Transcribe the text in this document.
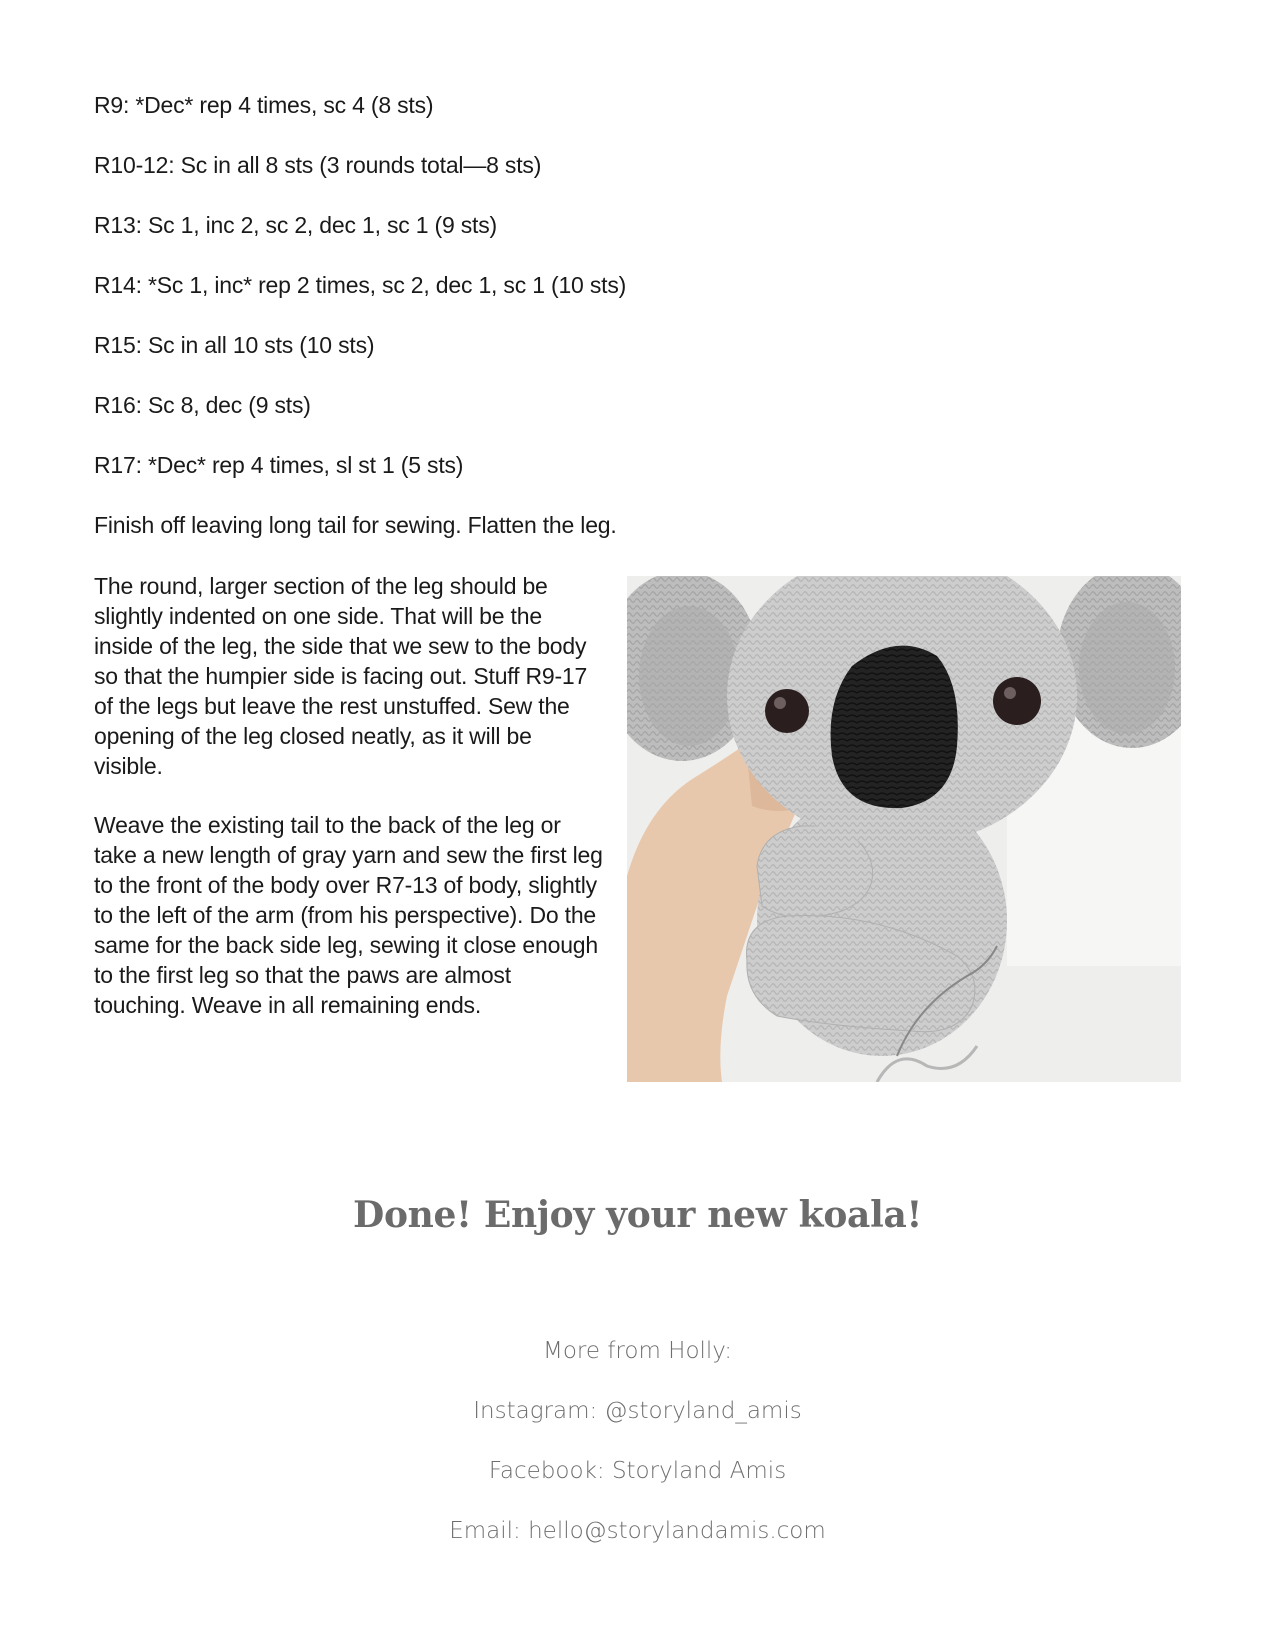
R9: *Dec* rep 4 times, sc 4 (8 sts)
R10-12: Sc in all 8 sts (3 rounds total—8 sts)
R13: Sc 1, inc 2, sc 2, dec 1, sc 1 (9 sts)
R14: *Sc 1, inc* rep 2 times, sc 2, dec 1, sc 1 (10 sts)
R15: Sc in all 10 sts (10 sts)
R16: Sc 8, dec (9 sts)
R17: *Dec* rep 4 times, sl st 1 (5 sts)
Finish off leaving long tail for sewing. Flatten the leg.

The round, larger section of the leg should be slightly indented on one side. That will be the inside of the leg, the side that we sew to the body so that the humpier side is facing out. Stuff R9-17 of the legs but leave the rest unstuffed. Sew the opening of the leg closed neatly, as it will be visible.

Weave the existing tail to the back of the leg or take a new length of gray yarn and sew the first leg to the front of the body over R7-13 of body, slightly to the left of the arm (from his perspective). Do the same for the back side leg, sewing it close enough to the first leg so that the paws are almost touching. Weave in all remaining ends.

Done! Enjoy your new koala!
More from Holly:
Instagram: @storyland_amis
Facebook: Storyland Amis
Email: hello@storylandamis.com
